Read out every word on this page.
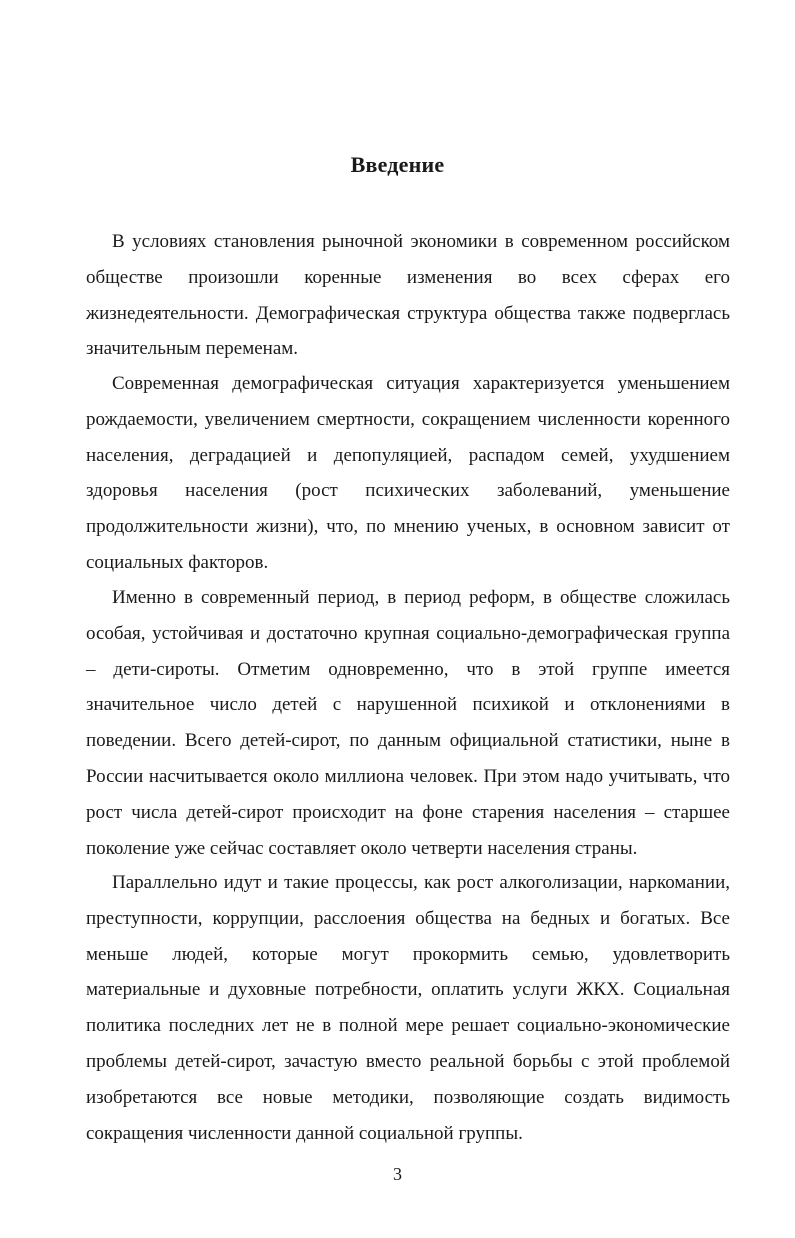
Введение

В условиях становления рыночной экономики в современном российском обществе произошли коренные изменения во всех сферах его жизнедеятельности. Демографическая структура общества также подверглась значительным переменам.

Современная демографическая ситуация характеризуется уменьшением рождаемости, увеличением смертности, сокращением численности коренного населения, деградацией и депопуляцией, распадом семей, ухудшением здоровья населения (рост психических заболеваний, уменьшение продолжительности жизни), что, по мнению ученых, в основном зависит от социальных факторов.

Именно в современный период, в период реформ, в обществе сложилась особая, устойчивая и достаточно крупная социально-демографическая группа – дети-сироты. Отметим одновременно, что в этой группе имеется значительное число детей с нарушенной психикой и отклонениями в поведении. Всего детей-сирот, по данным официальной статистики, ныне в России насчитывается около миллиона человек. При этом надо учитывать, что рост числа детей-сирот происходит на фоне старения населения – старшее поколение уже сейчас составляет около четверти населения страны.

Параллельно идут и такие процессы, как рост алкоголизации, наркомании, преступности, коррупции, расслоения общества на бедных и богатых. Все меньше людей, которые могут прокормить семью, удовлетворить материальные и духовные потребности, оплатить услуги ЖКХ. Социальная политика последних лет не в полной мере решает социально-экономические проблемы детей-сирот, зачастую вместо реальной борьбы с этой проблемой изобретаются все новые методики, позволяющие создать видимость сокращения численности данной социальной группы.

3
